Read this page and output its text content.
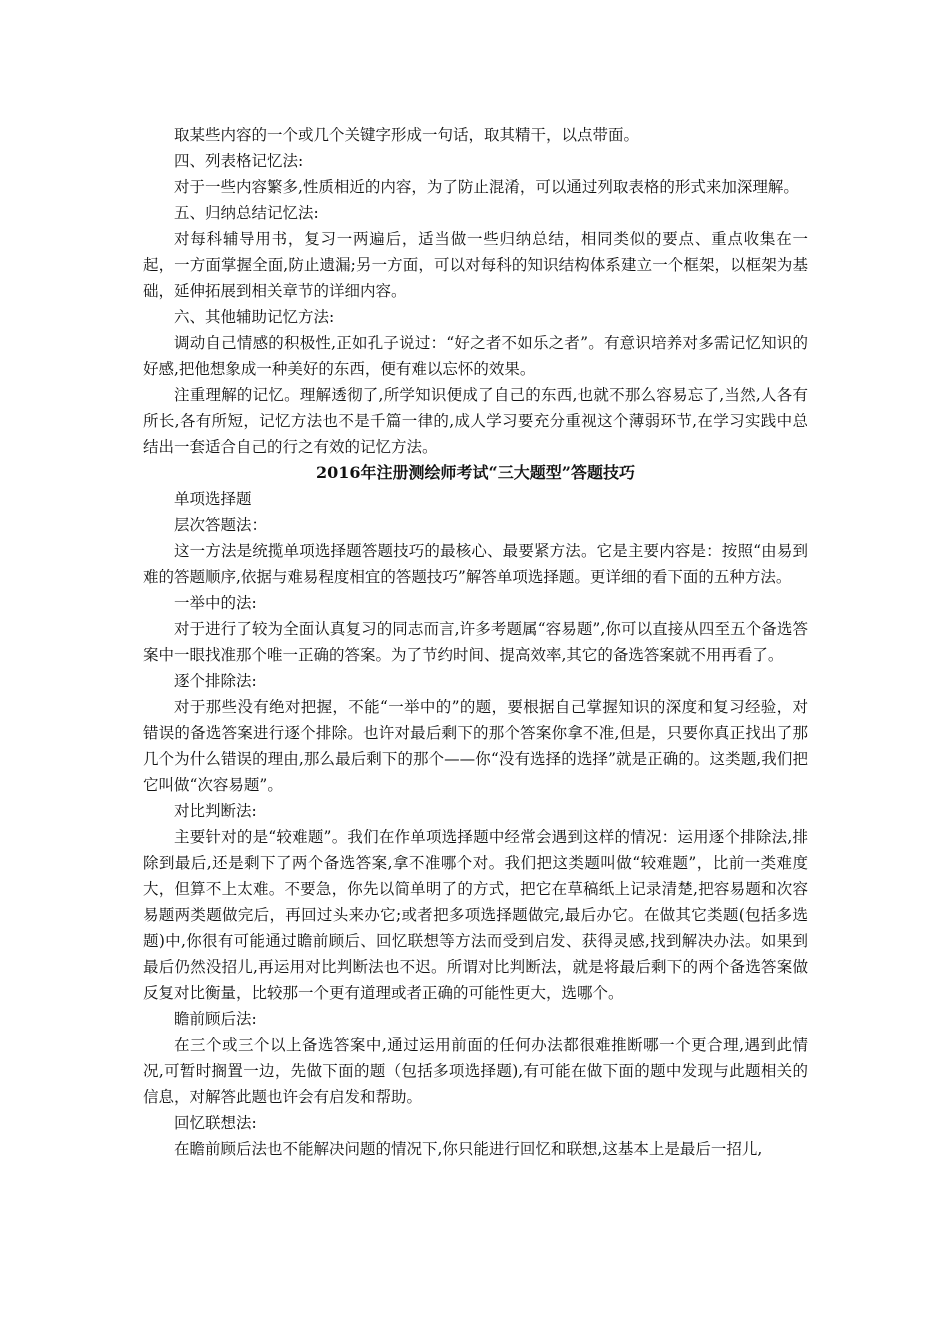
取某些内容的一个或几个关键字形成一句话，取其精干，以点带面。

四、列表格记忆法:

对于一些内容繁多,性质相近的内容，为了防止混淆，可以通过列取表格的形式来加深理解。

五、归纳总结记忆法:

对每科辅导用书，复习一两遍后，适当做一些归纳总结，相同类似的要点、重点收集在一起，一方面掌握全面,防止遗漏;另一方面，可以对每科的知识结构体系建立一个框架，以框架为基础，延伸拓展到相关章节的详细内容。

六、其他辅助记忆方法:

调动自己情感的积极性,正如孔子说过：“好之者不如乐之者”。有意识培养对多需记忆知识的好感,把他想象成一种美好的东西，便有难以忘怀的效果。

注重理解的记忆。理解透彻了,所学知识便成了自己的东西,也就不那么容易忘了,当然,人各有所长,各有所短，记忆方法也不是千篇一律的,成人学习要充分重视这个薄弱环节,在学习实践中总结出一套适合自己的行之有效的记忆方法。

2016年注册测绘师考试“三大题型”答题技巧

单项选择题

层次答题法：

这一方法是统揽单项选择题答题技巧的最核心、最要紧方法。它是主要内容是：按照“由易到难的答题顺序,依据与难易程度相宜的答题技巧”解答单项选择题。更详细的看下面的五种方法。

一举中的法:

对于进行了较为全面认真复习的同志而言,许多考题属“容易题”,你可以直接从四至五个备选答案中一眼找准那个唯一正确的答案。为了节约时间、提高效率,其它的备选答案就不用再看了。

逐个排除法:

对于那些没有绝对把握，不能“一举中的”的题，要根据自己掌握知识的深度和复习经验，对错误的备选答案进行逐个排除。也许对最后剩下的那个答案你拿不准,但是，只要你真正找出了那几个为什么错误的理由,那么最后剩下的那个——你“没有选择的选择”就是正确的。这类题,我们把它叫做“次容易题”。

对比判断法:

主要针对的是“较难题”。我们在作单项选择题中经常会遇到这样的情况：运用逐个排除法,排除到最后,还是剩下了两个备选答案,拿不准哪个对。我们把这类题叫做“较难题”，比前一类难度大，但算不上太难。不要急，你先以简单明了的方式，把它在草稿纸上记录清楚,把容易题和次容易题两类题做完后，再回过头来办它;或者把多项选择题做完,最后办它。在做其它类题(包括多选题)中,你很有可能通过瞻前顾后、回忆联想等方法而受到启发、获得灵感,找到解决办法。如果到最后仍然没招儿,再运用对比判断法也不迟。所谓对比判断法，就是将最后剩下的两个备选答案做反复对比衡量，比较那一个更有道理或者正确的可能性更大，选哪个。

瞻前顾后法:

在三个或三个以上备选答案中,通过运用前面的任何办法都很难推断哪一个更合理,遇到此情况,可暂时搁置一边，先做下面的题（包括多项选择题),有可能在做下面的题中发现与此题相关的信息，对解答此题也许会有启发和帮助。

回忆联想法:

在瞻前顾后法也不能解决问题的情况下,你只能进行回忆和联想,这基本上是最后一招儿,
